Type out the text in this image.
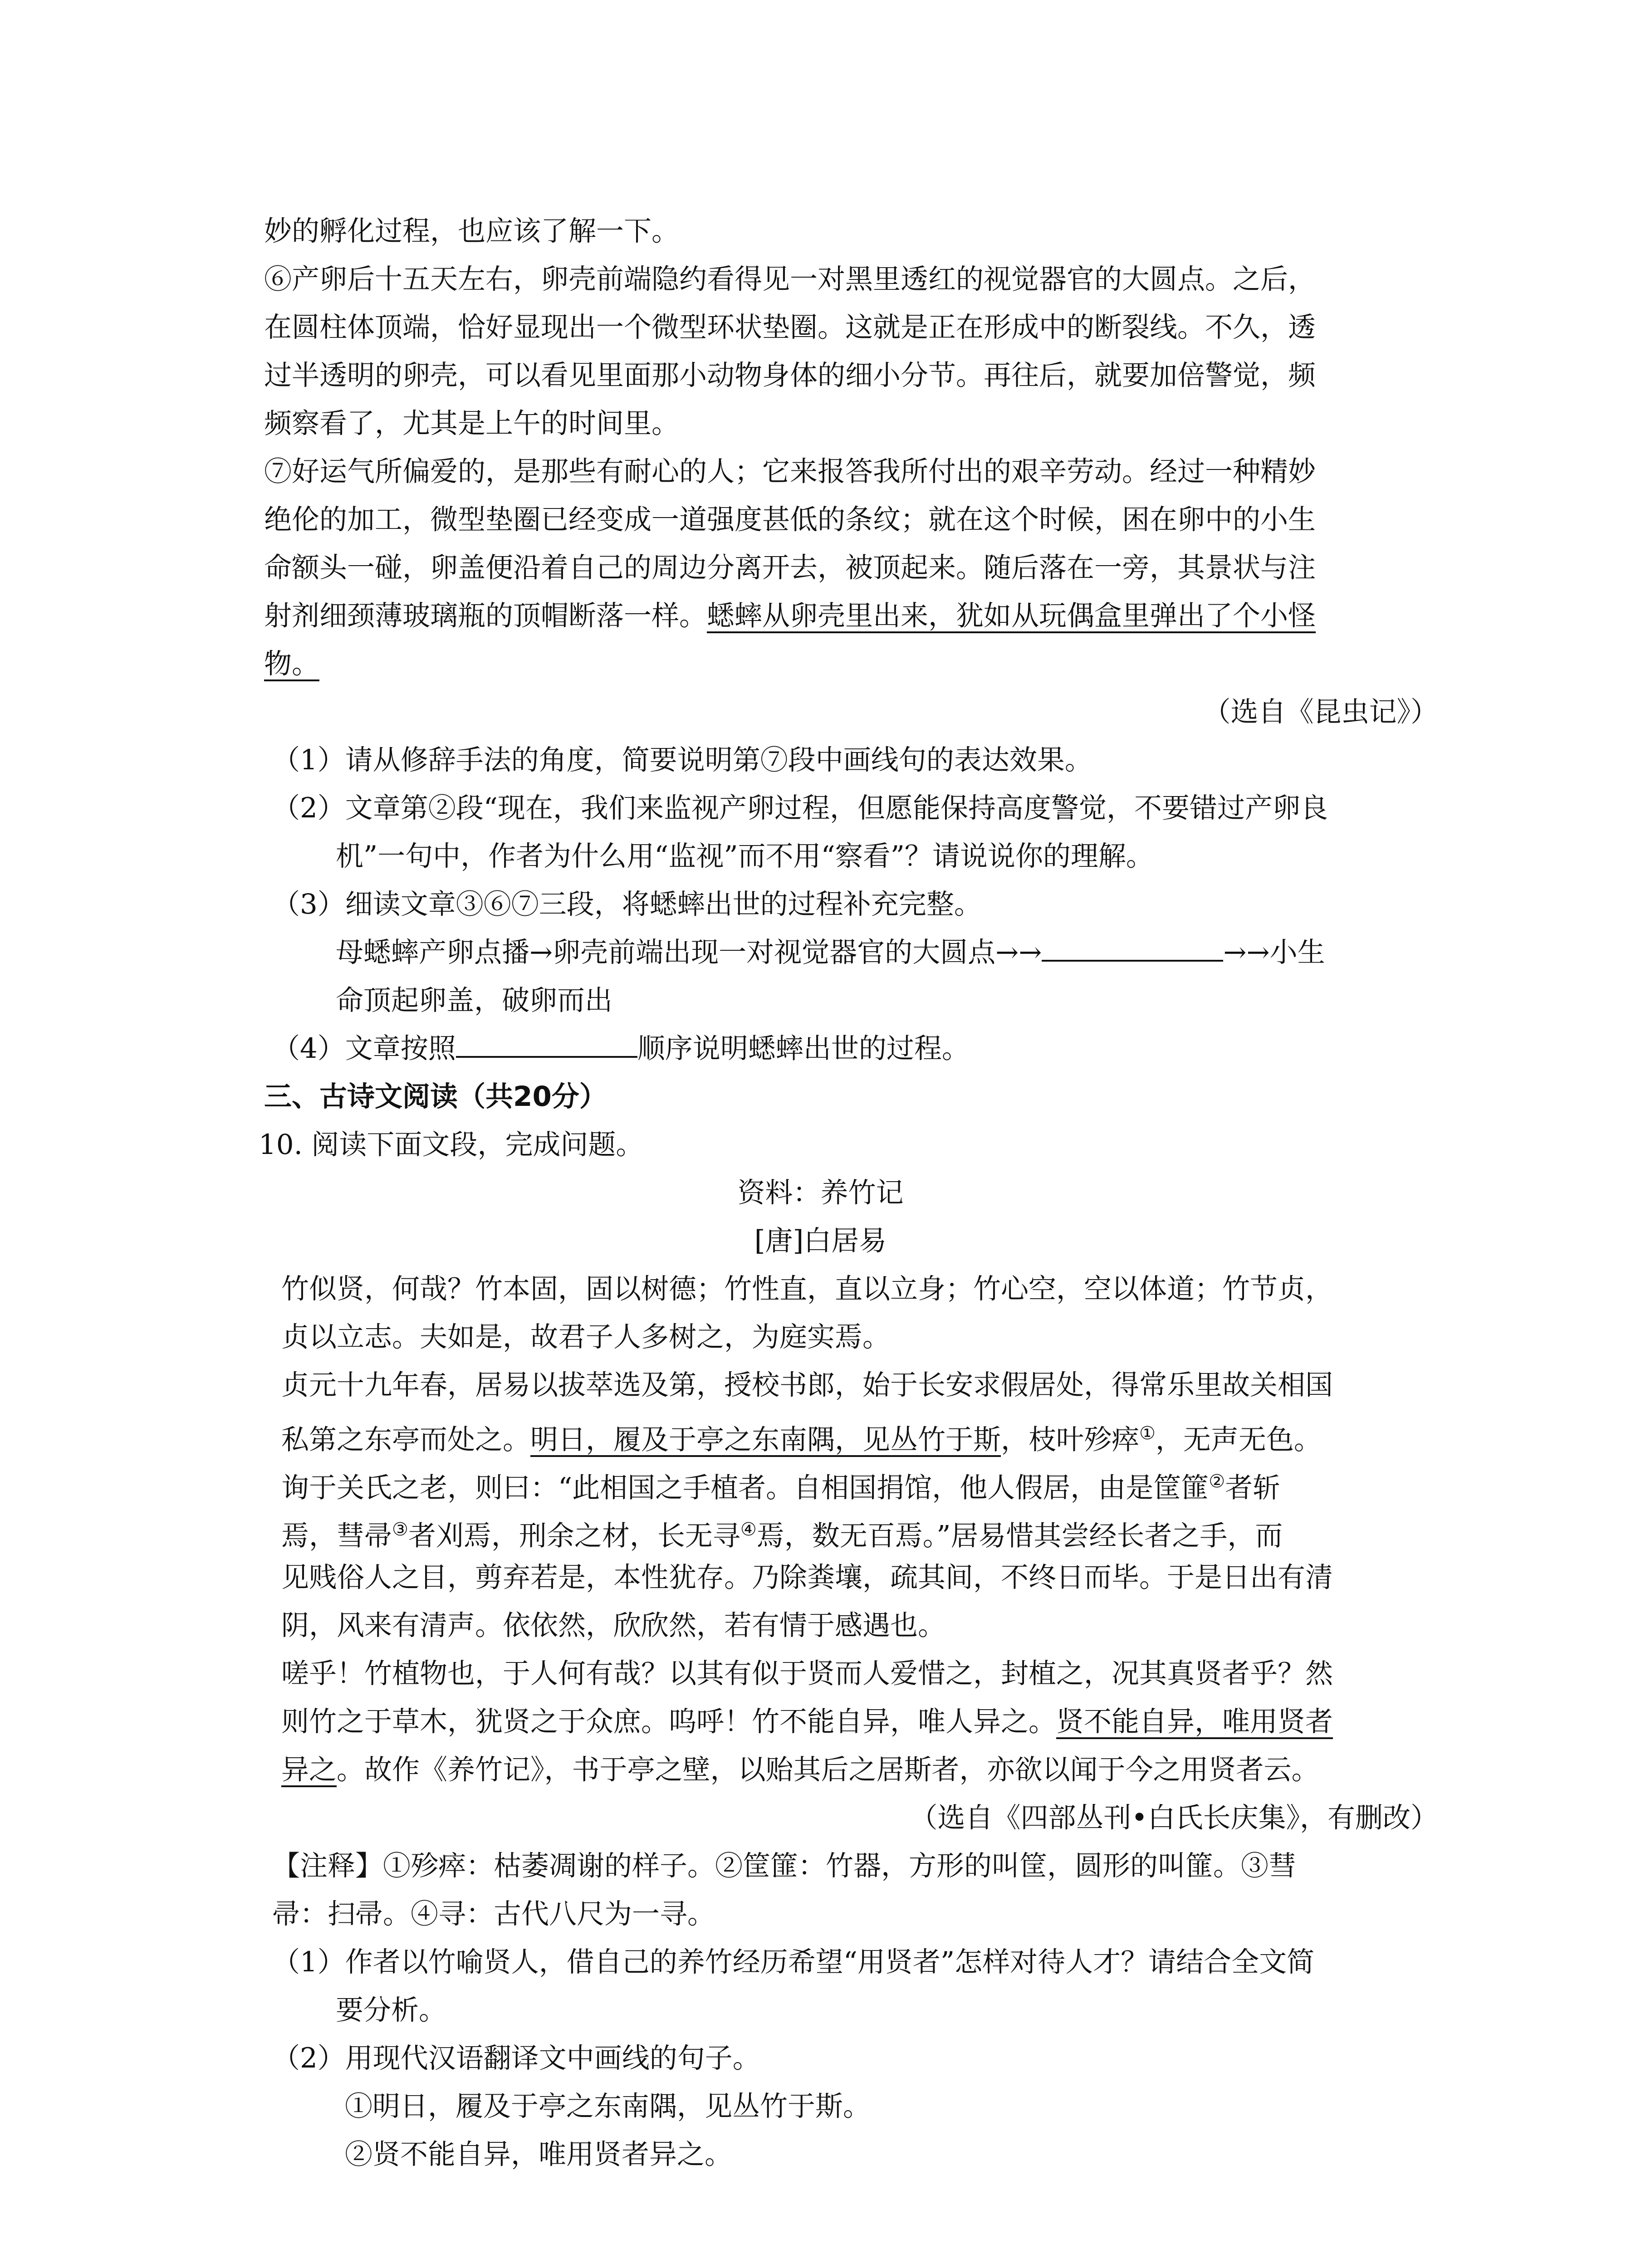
妙的孵化过程，也应该了解一下。
⑥产卵后十五天左右，卵壳前端隐约看得见一对黑里透红的视觉器官的大圆点。之后，
在圆柱体顶端，恰好显现出一个微型环状垫圈。这就是正在形成中的断裂线。不久，透
过半透明的卵壳，可以看见里面那小动物身体的细小分节。再往后，就要加倍警觉，频
频察看了，尤其是上午的时间里。
⑦好运气所偏爱的，是那些有耐心的人；它来报答我所付出的艰辛劳动。经过一种精妙
绝伦的加工，微型垫圈已经变成一道强度甚低的条纹；就在这个时候，困在卵中的小生
命额头一碰，卵盖便沿着自己的周边分离开去，被顶起来。随后落在一旁，其景状与注
射剂细颈薄玻璃瓶的顶帽断落一样。蟋蟀从卵壳里出来，犹如从玩偶盒里弹出了个小怪
物。
（选自《昆虫记》）
（1）请从修辞手法的角度，简要说明第⑦段中画线句的表达效果。
（2）文章第②段“现在，我们来监视产卵过程，但愿能保持高度警觉，不要错过产卵良
机”一句中，作者为什么用“监视”而不用“察看”？请说说你的理解。
（3）细读文章③⑥⑦三段，将蟋蟀出世的过程补充完整。
母蟋蟀产卵点播→卵壳前端出现一对视觉器官的大圆点→→	→→小生
命顶起卵盖，破卵而出
（4）文章按照	顺序说明蟋蟀出世的过程。
三、古诗文阅读（共20分）
10. 阅读下面文段，完成问题。
资料：养竹记
[唐]白居易
竹似贤，何哉？竹本固，固以树德；竹性直，直以立身；竹心空，空以体道；竹节贞，
贞以立志。夫如是，故君子人多树之，为庭实焉。
贞元十九年春，居易以拔萃选及第，授校书郎，始于长安求假居处，得常乐里故关相国
私第之东亭而处之。明日，履及于亭之东南隅，见丛竹于斯，枝叶殄瘁①，无声无色。
询于关氏之老，则曰：“此相国之手植者。自相国捐馆，他人假居，由是筐篚②者斩
焉，彗帚③者刈焉，刑余之材，长无寻④焉，数无百焉。”居易惜其尝经长者之手，而
见贱俗人之目，剪弃若是，本性犹存。乃除粪壤，疏其间，不终日而毕。于是日出有清
阴，风来有清声。依依然，欣欣然，若有情于感遇也。
嗟乎！竹植物也，于人何有哉？以其有似于贤而人爱惜之，封植之，况其真贤者乎？然
则竹之于草木，犹贤之于众庶。呜呼！竹不能自异，唯人异之。贤不能自异，唯用贤者
异之。故作《养竹记》，书于亭之壁，以贻其后之居斯者，亦欲以闻于今之用贤者云。
（选自《四部丛刊•白氏长庆集》，有删改）
【注释】①殄瘁：枯萎凋谢的样子。②筐篚：竹器，方形的叫筐，圆形的叫篚。③彗
帚：扫帚。④寻：古代八尺为一寻。
（1）作者以竹喻贤人，借自己的养竹经历希望“用贤者”怎样对待人才？请结合全文简
要分析。
（2）用现代汉语翻译文中画线的句子。
①明日，履及于亭之东南隅，见丛竹于斯。
②贤不能自异，唯用贤者异之。
